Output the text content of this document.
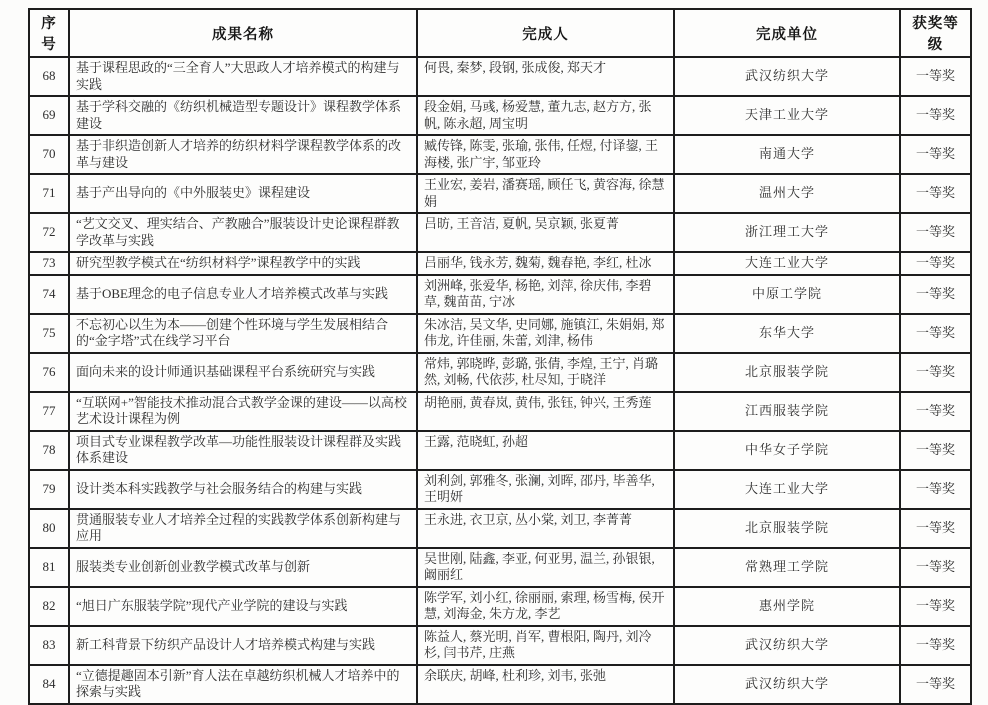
序号	成果名称	完成人	完成单位	获奖等级
68	基于课程思政的“三全育人”大思政人才培养模式的构建与实践	何畏, 秦梦, 段钢, 张成俊, 郑天才	武汉纺织大学	一等奖
69	基于学科交融的《纺织机械造型专题设计》课程教学体系建设	段金娟, 马彧, 杨爱慧, 董九志, 赵方方, 张帆, 陈永超, 周宝明	天津工业大学	一等奖
70	基于非织造创新人才培养的纺织材料学课程教学体系的改革与建设	臧传锋, 陈雯, 张瑜, 张伟, 任煜, 付译鋆, 王海楼, 张广宇, 邹亚玲	南通大学	一等奖
71	基于产出导向的《中外服装史》课程建设	王业宏, 姜岩, 潘赛瑶, 顾任飞, 黄容海, 徐慧娟	温州大学	一等奖
72	“艺文交叉、理实结合、产教融合”服装设计史论课程群教学改革与实践	吕昉, 王音洁, 夏帆, 吴京颖, 张夏菁	浙江理工大学	一等奖
73	研究型教学模式在“纺织材料学”课程教学中的实践	吕丽华, 钱永芳, 魏菊, 魏春艳, 李红, 杜冰	大连工业大学	一等奖
74	基于OBE理念的电子信息专业人才培养模式改革与实践	刘洲峰, 张爱华, 杨艳, 刘萍, 徐庆伟, 李碧草, 魏苗苗, 宁冰	中原工学院	一等奖
75	不忘初心以生为本——创建个性环境与学生发展相结合的“金字塔”式在线学习平台	朱冰洁, 吴文华, 史同娜, 施镇江, 朱娟娟, 郑伟龙, 许佳丽, 朱蕾, 刘津, 杨伟	东华大学	一等奖
76	面向未来的设计师通识基础课程平台系统研究与实践	常炜, 郭晓晔, 彭璐, 张倩, 李煌, 王宁, 肖璐然, 刘畅, 代依莎, 杜尽知, 于晓洋	北京服装学院	一等奖
77	“互联网+”智能技术推动混合式教学金课的建设——以高校艺术设计课程为例	胡艳丽, 黄春岚, 黄伟, 张钰, 钟兴, 王秀莲	江西服装学院	一等奖
78	项目式专业课程教学改革—功能性服装设计课程群及实践体系建设	王露, 范晓虹, 孙超	中华女子学院	一等奖
79	设计类本科实践教学与社会服务结合的构建与实践	刘利剑, 郭雅冬, 张澜, 刘晖, 邵丹, 毕善华, 王明妍	大连工业大学	一等奖
80	贯通服装专业人才培养全过程的实践教学体系创新构建与应用	王永进, 衣卫京, 丛小棠, 刘卫, 李菁菁	北京服装学院	一等奖
81	服装类专业创新创业教学模式改革与创新	吴世刚, 陆鑫, 李亚, 何亚男, 温兰, 孙银银, 阚丽红	常熟理工学院	一等奖
82	“旭日广东服装学院”现代产业学院的建设与实践	陈学军, 刘小红, 徐丽丽, 索理, 杨雪梅, 侯开慧, 刘海金, 朱方龙, 李艺	惠州学院	一等奖
83	新工科背景下纺织产品设计人才培养模式构建与实践	陈益人, 蔡光明, 肖军, 曹根阳, 陶丹, 刘冷杉, 闫书芹, 庄燕	武汉纺织大学	一等奖
84	“立德提趣固本引新”育人法在卓越纺织机械人才培养中的探索与实践	余联庆, 胡峰, 杜利珍, 刘韦, 张弛	武汉纺织大学	一等奖
